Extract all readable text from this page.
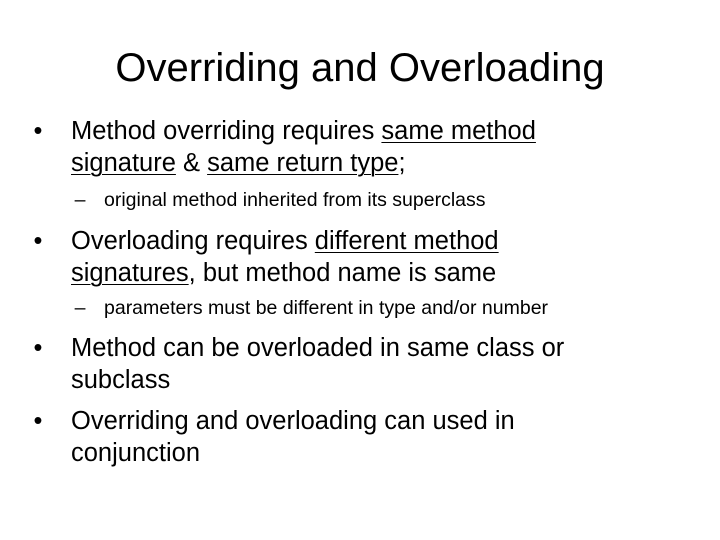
Overriding and Overloading
• Method overriding requires same method
signature & same return type;
– original method inherited from its superclass
• Overloading requires different method
signatures, but method name is same
– parameters must be different in type and/or number
• Method can be overloaded in same class or
subclass
• Overriding and overloading can used in
conjunction
